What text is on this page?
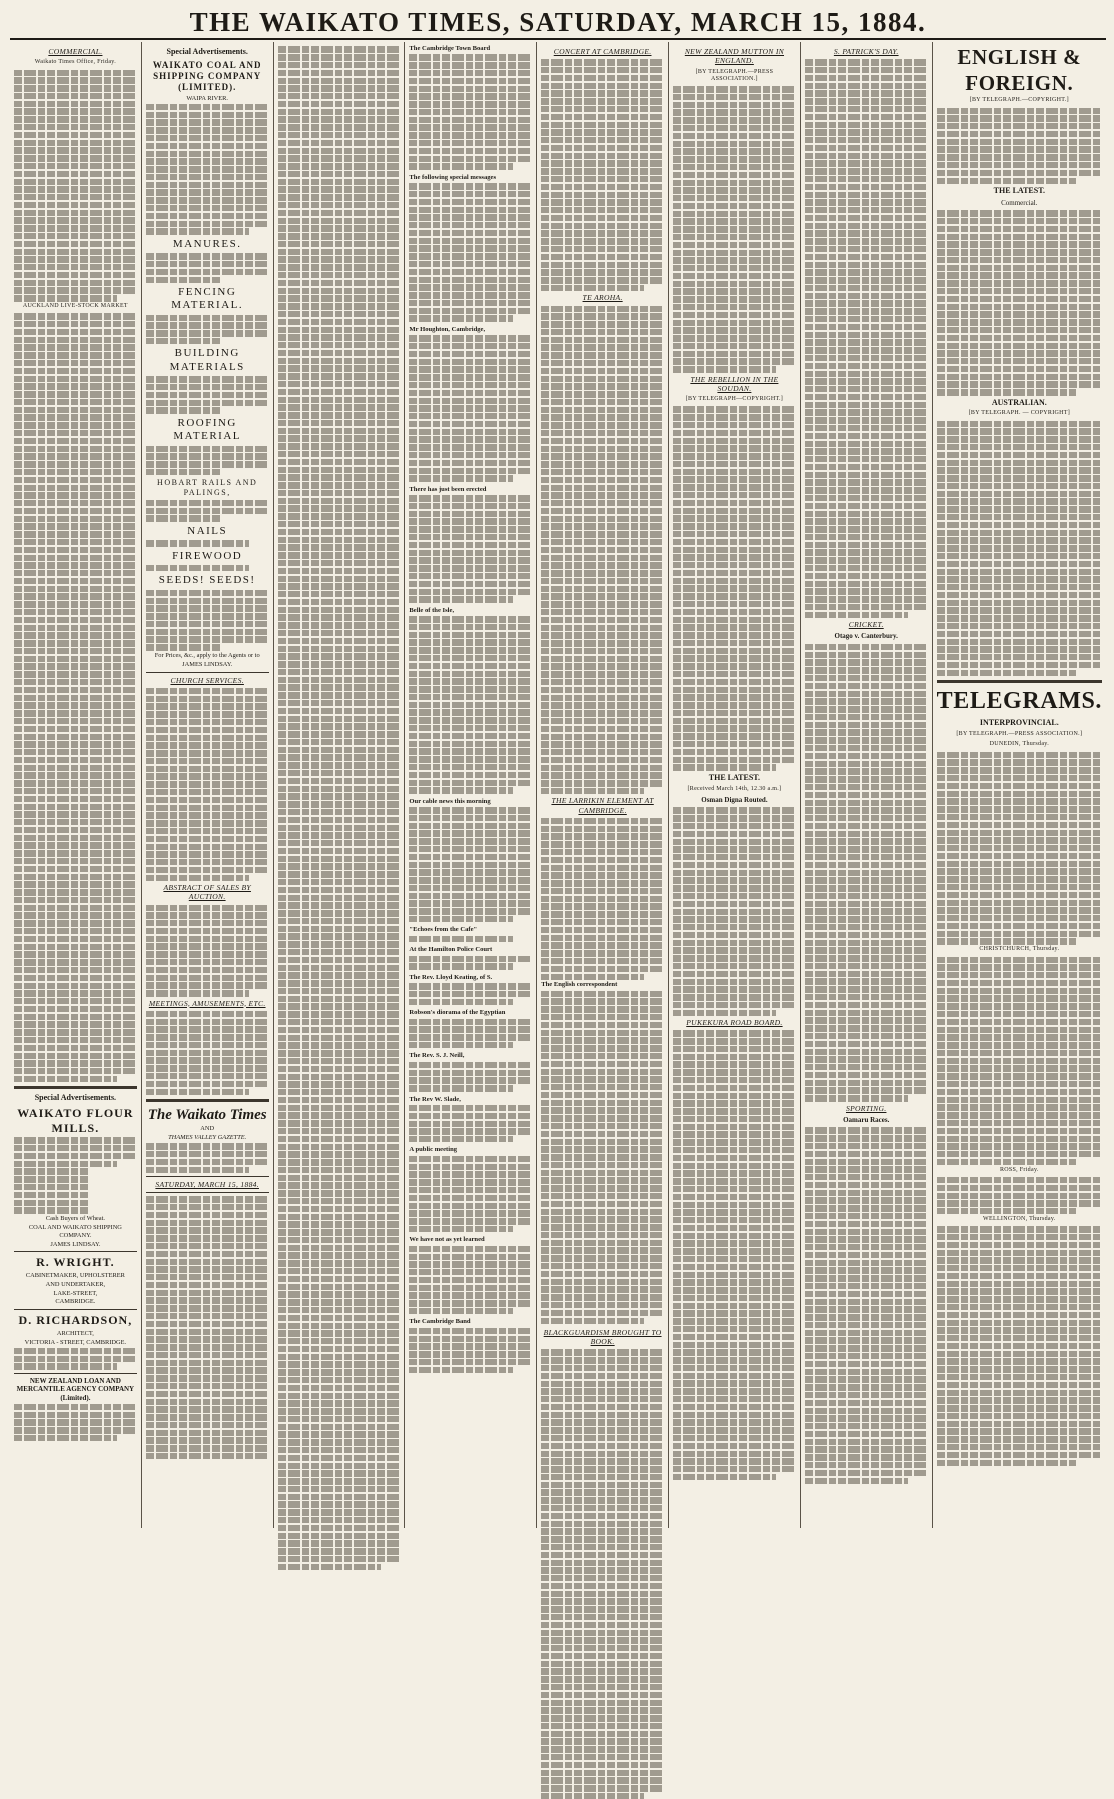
THE WAIKATO TIMES, SATURDAY, MARCH 15, 1884.
COMMERCIAL.
Waikato Times Office, Friday.
AUCKLAND LIVE-STOCK MARKET
Special Advertisements.
WAIKATO FLOUR MILLS.
Cash Buyers of Wheat.
COAL AND WAIKATO SHIPPING COMPANY.
JAMES LINDSAY.
R. WRIGHT.
CABINETMAKER, UPHOLSTERER
AND UNDERTAKER,
LAKE-STREET,
CAMBRIDGE.
D. RICHARDSON,
ARCHITECT,
VICTORIA - STREET, CAMBRIDGE.
NEW ZEALAND LOAN AND MERCANTILE AGENCY COMPANY (Limited).
Special Advertisements.
WAIKATO COAL AND SHIPPING COMPANY (LIMITED).
WAIPA RIVER.
MANURES.
FENCING MATERIAL.
BUILDING MATERIALS
ROOFING MATERIAL
HOBART RAILS AND PALINGS,
NAILS
FIREWOOD
SEEDS! SEEDS!
For Prices, &c., apply to the Agents or to
JAMES LINDSAY.
CHURCH SERVICES.
ABSTRACT OF SALES BY AUCTION.
MEETINGS, AMUSEMENTS, ETC.
The Waikato Times
AND
THAMES VALLEY GAZETTE.
SATURDAY, MARCH 15, 1884.
The Cambridge Town Board
The following special messages
Mr Houghton, Cambridge,
There has just been erected
Belle of the Isle,
Our cable news this morning
"Echoes from the Cafe"
At the Hamilton Police Court
The Rev. Lloyd Keating, of S.
Robson's diorama of the Egyptian
The Rev. S. J. Neill,
The Rev W. Slade,
A public meeting
We have not as yet learned
The Cambridge Band
CONCERT AT CAMBRIDGE.
TE AROHA.
THE LARRIKIN ELEMENT AT CAMBRIDGE.
The English correspondent
BLACKGUARDISM BROUGHT TO BOOK.
NEW ZEALAND MUTTON IN ENGLAND.
[BY TELEGRAPH.—PRESS ASSOCIATION.]
THE REBELLION IN THE SOUDAN.
[BY TELEGRAPH—COPYRIGHT.]
THE LATEST.
[Received March 14th, 12.30 a.m.]
Osman Digna Routed.
PUKEKURA ROAD BOARD.
S. PATRICK'S DAY.
CRICKET.
Otago v. Canterbury.
SPORTING.
Oamaru Races.
ENGLISH & FOREIGN.
[BY TELEGRAPH.—COPYRIGHT.]
THE LATEST.
Commercial.
AUSTRALIAN.
[BY TELEGRAPH. — COPYRIGHT]
TELEGRAMS.
INTERPROVINCIAL.
[BY TELEGRAPH.—PRESS ASSOCIATION.]
DUNEDIN, Thursday.
CHRISTCHURCH, Thursday.
ROSS, Friday.
WELLINGTON, Thursday.
